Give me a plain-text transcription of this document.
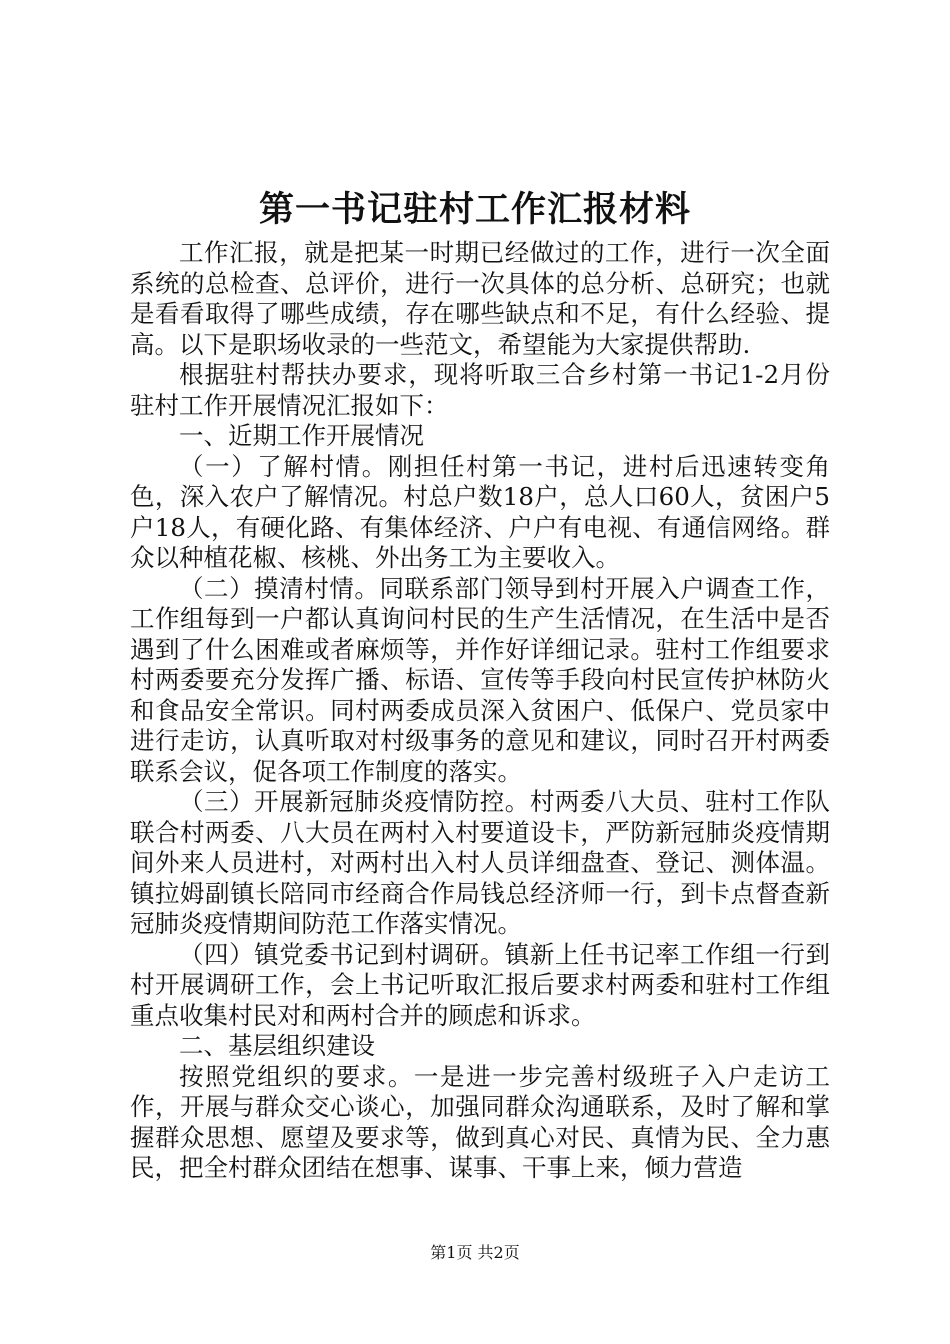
第一书记驻村工作汇报材料

工作汇报，就是把某一时期已经做过的工作，进行一次全面系统的总检查、总评价，进行一次具体的总分析、总研究；也就是看看取得了哪些成绩，存在哪些缺点和不足，有什么经验、提高。以下是职场收录的一些范文，希望能为大家提供帮助.

根据驻村帮扶办要求，现将听取三合乡村第一书记1-2月份驻村工作开展情况汇报如下：

一、近期工作开展情况

（一）了解村情。刚担任村第一书记，进村后迅速转变角色，深入农户了解情况。村总户数18户，总人口60人，贫困户5户18人，有硬化路、有集体经济、户户有电视、有通信网络。群众以种植花椒、核桃、外出务工为主要收入。

（二）摸清村情。同联系部门领导到村开展入户调查工作，工作组每到一户都认真询问村民的生产生活情况，在生活中是否遇到了什么困难或者麻烦等，并作好详细记录。驻村工作组要求村两委要充分发挥广播、标语、宣传等手段向村民宣传护林防火和食品安全常识。同村两委成员深入贫困户、低保户、党员家中进行走访，认真听取对村级事务的意见和建议，同时召开村两委联系会议，促各项工作制度的落实。

（三）开展新冠肺炎疫情防控。村两委八大员、驻村工作队联合村两委、八大员在两村入村要道设卡，严防新冠肺炎疫情期间外来人员进村，对两村出入村人员详细盘查、登记、测体温。镇拉姆副镇长陪同市经商合作局钱总经济师一行，到卡点督查新冠肺炎疫情期间防范工作落实情况。

（四）镇党委书记到村调研。镇新上任书记率工作组一行到村开展调研工作，会上书记听取汇报后要求村两委和驻村工作组重点收集村民对和两村合并的顾虑和诉求。

二、基层组织建设

按照党组织的要求。一是进一步完善村级班子入户走访工作，开展与群众交心谈心，加强同群众沟通联系，及时了解和掌握群众思想、愿望及要求等，做到真心对民、真情为民、全力惠民，把全村群众团结在想事、谋事、干事上来，倾力营造

第1页 共2页
